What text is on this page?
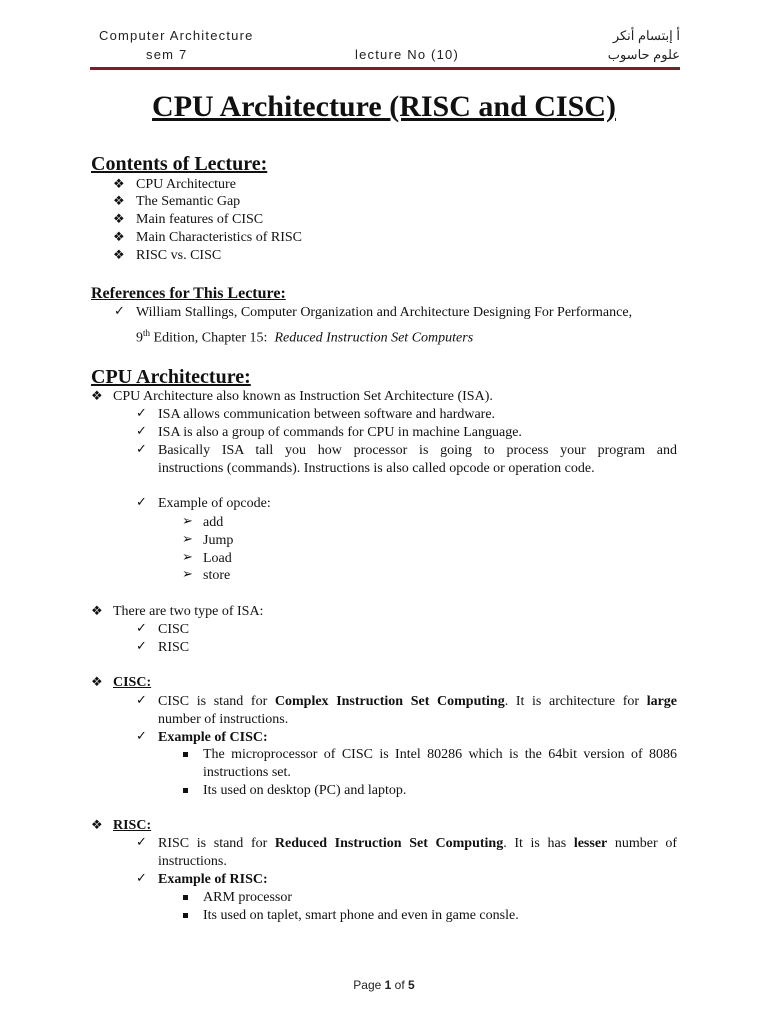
Computer Architecture
sem 7	lecture No (10)
أ إبتسام أنكر
علوم حاسوب
CPU Architecture (RISC and CISC)
Contents of Lecture:
❖ CPU Architecture
❖ The Semantic Gap
❖ Main features of CISC
❖ Main Characteristics of RISC
❖ RISC vs. CISC
References for This Lecture:
✓ William Stallings, Computer Organization and Architecture Designing For Performance,
9th Edition, Chapter 15:  Reduced Instruction Set Computers
CPU Architecture:
❖ CPU Architecture also known as Instruction Set Architecture (ISA).
✓ ISA allows communication between software and hardware.
✓ ISA is also a group of commands for CPU in machine Language.
✓ Basically ISA tall you how processor is going to process your program and
instructions (commands). Instructions is also called opcode or operation code.
✓ Example of opcode:
➢ add
➢ Jump
➢ Load
➢ store
❖ There are two type of ISA:
✓ CISC
✓ RISC
❖ CISC:
✓ CISC is stand for Complex Instruction Set Computing. It is architecture for large
number of instructions.
✓ Example of CISC:
The microprocessor of CISC is Intel 80286 which is the 64bit version of 8086
instructions set.
Its used on desktop (PC) and laptop.
❖ RISC:
✓ RISC is stand for Reduced Instruction Set Computing. It is has lesser number of
instructions.
✓ Example of RISC:
ARM processor
Its used on taplet, smart phone and even in game consle.
Page 1 of 5
